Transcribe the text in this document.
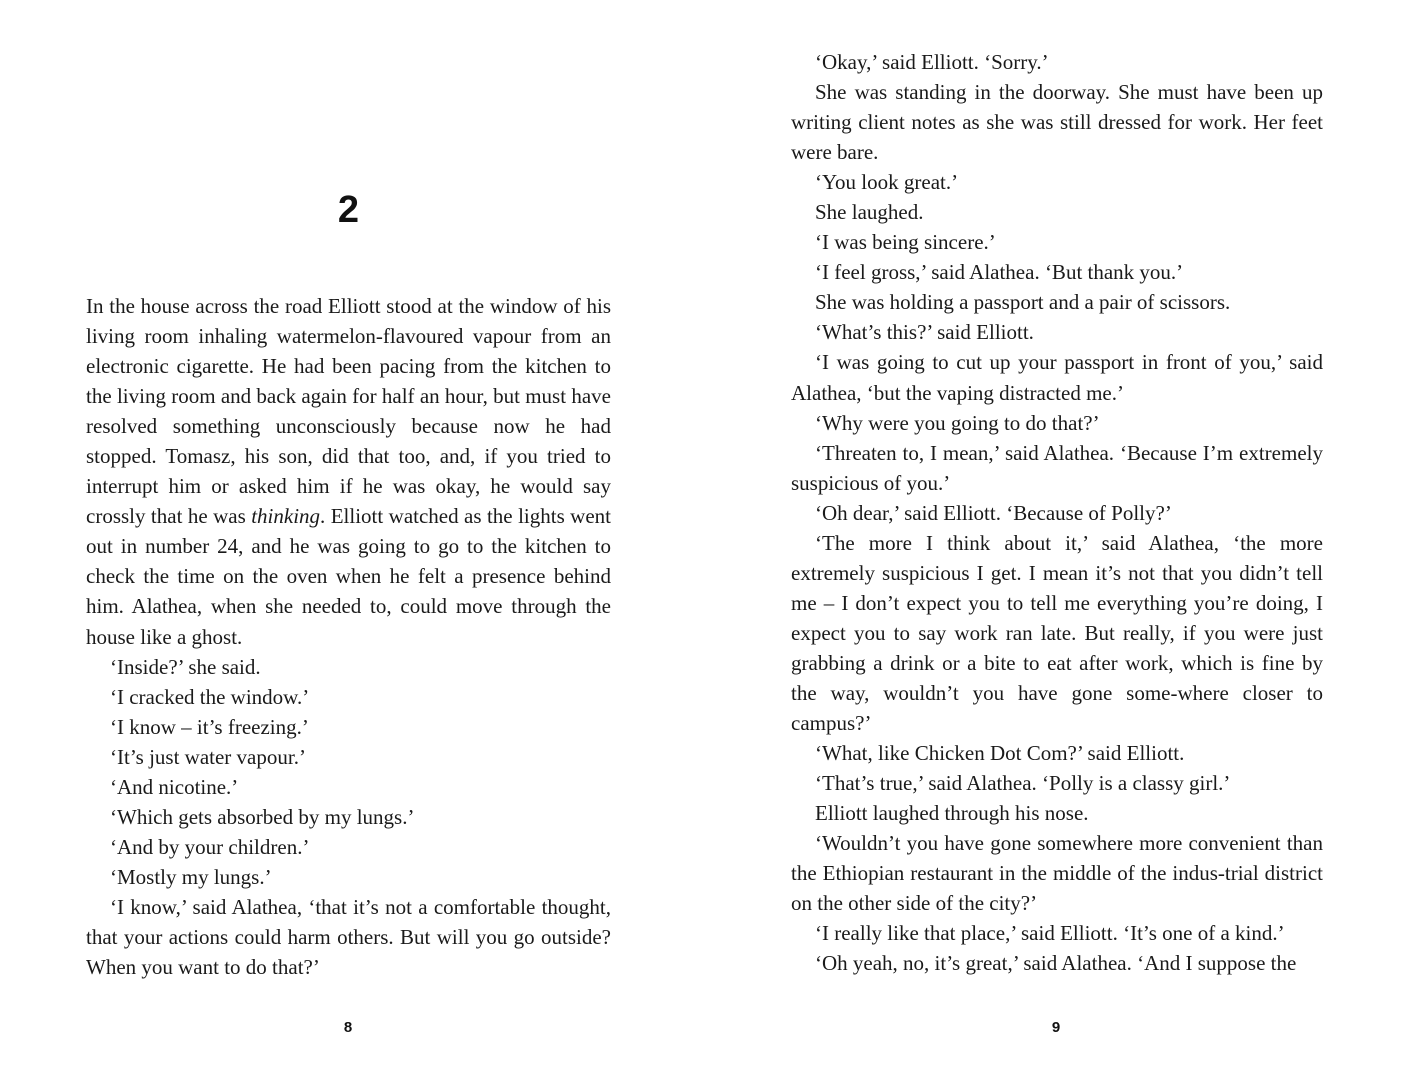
2

In the house across the road Elliott stood at the window of his living room inhaling watermelon-flavoured vapour from an electronic cigarette. He had been pacing from the kitchen to the living room and back again for half an hour, but must have resolved something unconsciously because now he had stopped. Tomasz, his son, did that too, and, if you tried to interrupt him or asked him if he was okay, he would say crossly that he was thinking. Elliott watched as the lights went out in number 24, and he was going to go to the kitchen to check the time on the oven when he felt a presence behind him. Alathea, when she needed to, could move through the house like a ghost.

‘Inside?’ she said.

‘I cracked the window.’

‘I know – it’s freezing.’

‘It’s just water vapour.’

‘And nicotine.’

‘Which gets absorbed by my lungs.’

‘And by your children.’

‘Mostly my lungs.’

‘I know,’ said Alathea, ‘that it’s not a comfortable thought, that your actions could harm others. But will you go outside? When you want to do that?’

8

‘Okay,’ said Elliott. ‘Sorry.’

She was standing in the doorway. She must have been up writing client notes as she was still dressed for work. Her feet were bare.

‘You look great.’

She laughed.

‘I was being sincere.’

‘I feel gross,’ said Alathea. ‘But thank you.’

She was holding a passport and a pair of scissors.

‘What’s this?’ said Elliott.

‘I was going to cut up your passport in front of you,’ said Alathea, ‘but the vaping distracted me.’

‘Why were you going to do that?’

‘Threaten to, I mean,’ said Alathea. ‘Because I’m extremely suspicious of you.’

‘Oh dear,’ said Elliott. ‘Because of Polly?’

‘The more I think about it,’ said Alathea, ‘the more extremely suspicious I get. I mean it’s not that you didn’t tell me – I don’t expect you to tell me everything you’re doing, I expect you to say work ran late. But really, if you were just grabbing a drink or a bite to eat after work, which is fine by the way, wouldn’t you have gone some-where closer to campus?’

‘What, like Chicken Dot Com?’ said Elliott.

‘That’s true,’ said Alathea. ‘Polly is a classy girl.’

Elliott laughed through his nose.

‘Wouldn’t you have gone somewhere more convenient than the Ethiopian restaurant in the middle of the indus-trial district on the other side of the city?’

‘I really like that place,’ said Elliott. ‘It’s one of a kind.’

‘Oh yeah, no, it’s great,’ said Alathea. ‘And I suppose the

9
